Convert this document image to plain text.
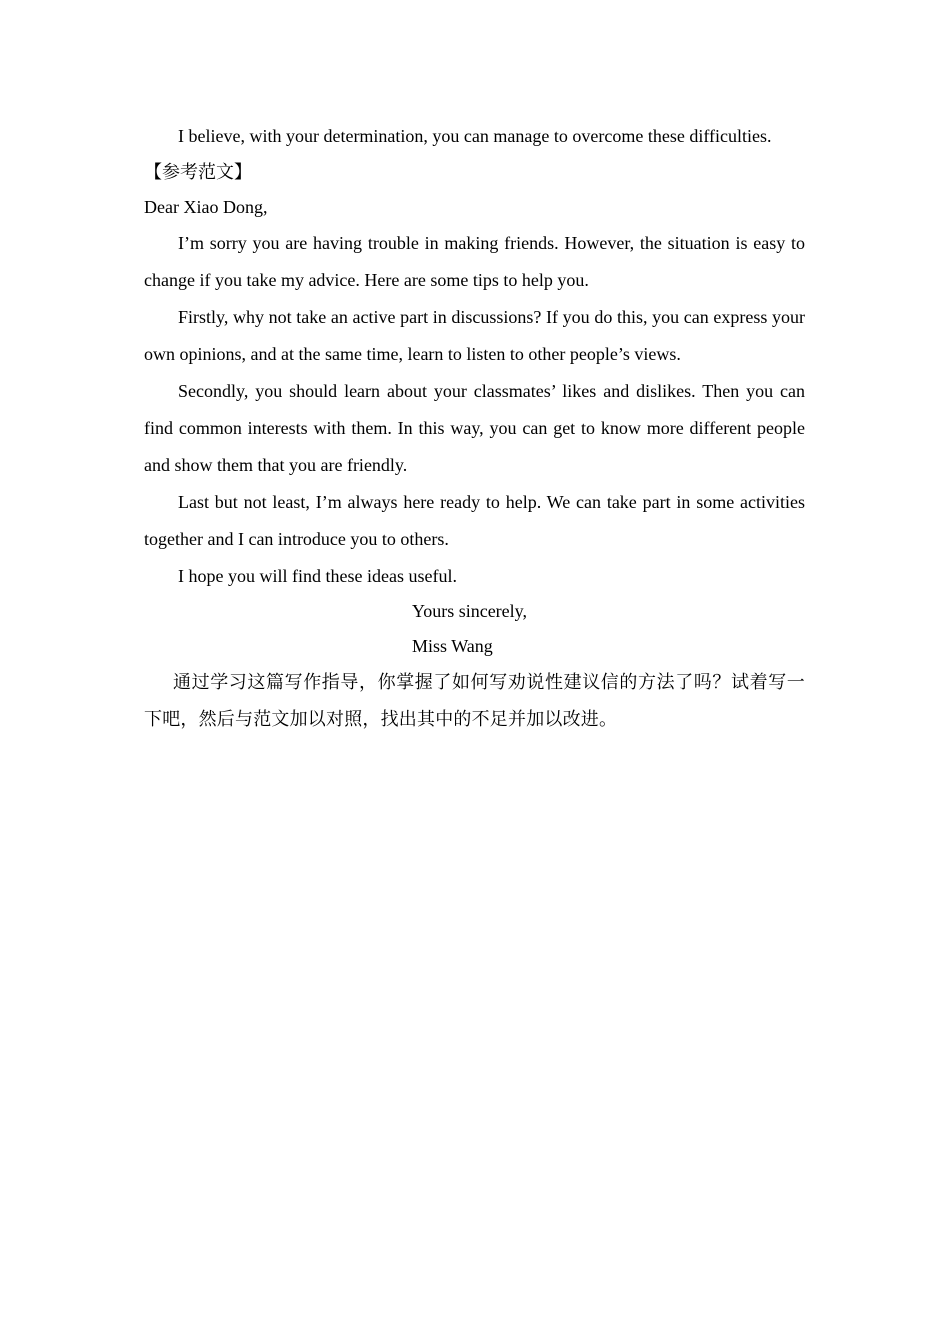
I believe, with your determination, you can manage to overcome these difficulties.

【参考范文】

Dear Xiao Dong,

I’m sorry you are having trouble in making friends. However, the situation is easy to change if you take my advice. Here are some tips to help you.

Firstly, why not take an active part in discussions? If you do this, you can express your own opinions, and at the same time, learn to listen to other people’s views.

Secondly, you should learn about your classmates’ likes and dislikes. Then you can find common interests with them. In this way, you can get to know more different people and show them that you are friendly.

Last but not least, I’m always here ready to help. We can take part in some activities together and I can introduce you to others.

I hope you will find these ideas useful.

Yours sincerely,

Miss Wang

通过学习这篇写作指导，你掌握了如何写劝说性建议信的方法了吗？试着写一下吧，然后与范文加以对照，找出其中的不足并加以改进。
